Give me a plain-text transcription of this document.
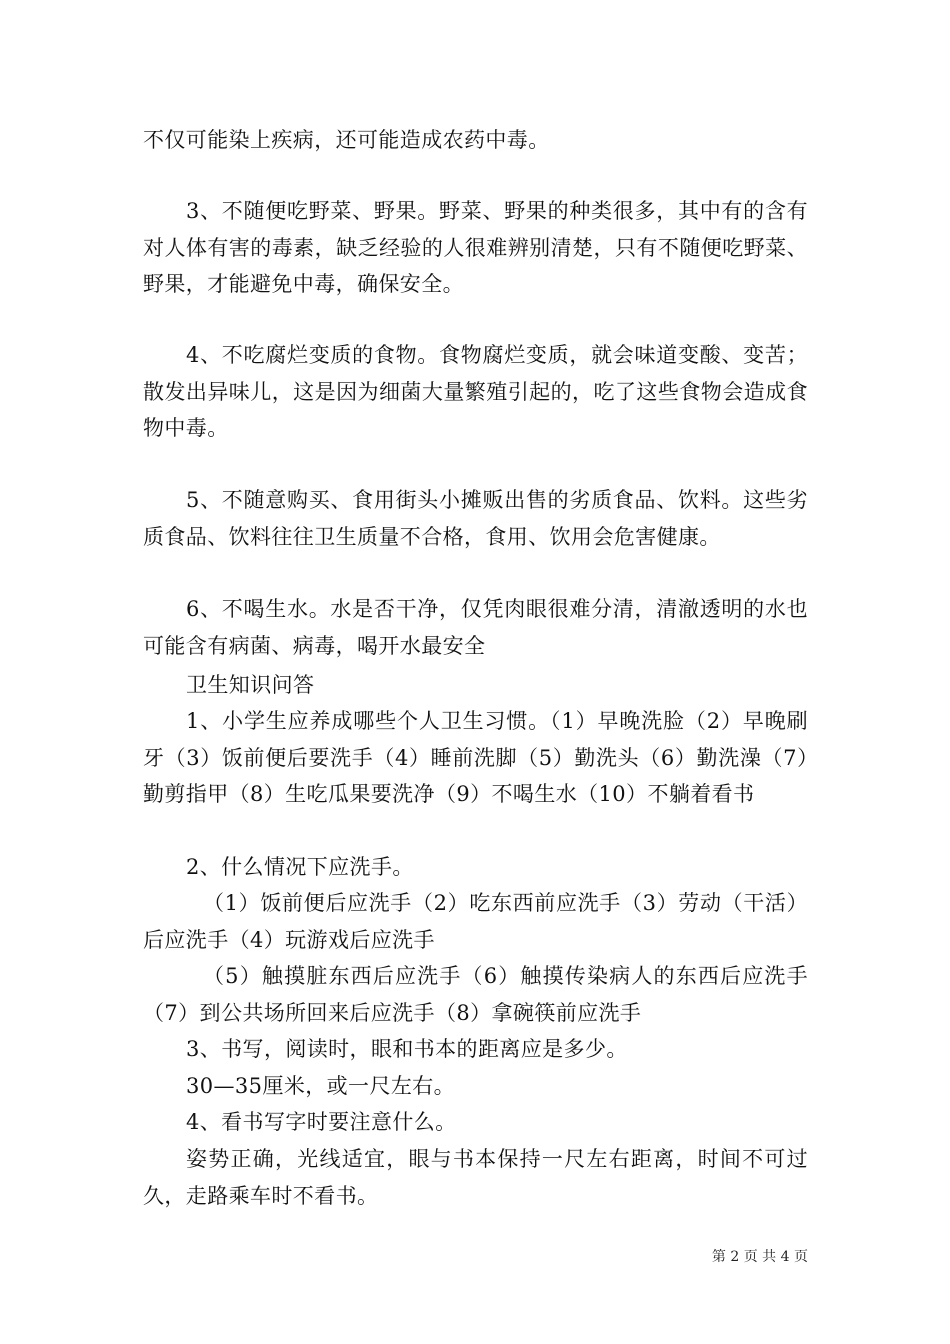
不仅可能染上疾病，还可能造成农药中毒。

3、不随便吃野菜、野果。野菜、野果的种类很多，其中有的含有对人体有害的毒素，缺乏经验的人很难辨别清楚，只有不随便吃野菜、野果，才能避免中毒，确保安全。

4、不吃腐烂变质的食物。食物腐烂变质，就会味道变酸、变苦；散发出异味儿，这是因为细菌大量繁殖引起的，吃了这些食物会造成食物中毒。

5、不随意购买、食用街头小摊贩出售的劣质食品、饮料。这些劣质食品、饮料往往卫生质量不合格，食用、饮用会危害健康。

6、不喝生水。水是否干净，仅凭肉眼很难分清，清澈透明的水也可能含有病菌、病毒，喝开水最安全

卫生知识问答

1、小学生应养成哪些个人卫生习惯。（1）早晚洗脸（2）早晚刷牙（3）饭前便后要洗手（4）睡前洗脚（5）勤洗头（6）勤洗澡（7）勤剪指甲（8）生吃瓜果要洗净（9）不喝生水（10）不躺着看书

2、什么情况下应洗手。

（1）饭前便后应洗手（2）吃东西前应洗手（3）劳动（干活）后应洗手（4）玩游戏后应洗手

（5）触摸脏东西后应洗手（6）触摸传染病人的东西后应洗手（7）到公共场所回来后应洗手（8）拿碗筷前应洗手

3、书写，阅读时，眼和书本的距离应是多少。

30—35厘米，或一尺左右。

4、看书写字时要注意什么。

姿势正确，光线适宜，眼与书本保持一尺左右距离，时间不可过久，走路乘车时不看书。

第 2 页 共 4 页
